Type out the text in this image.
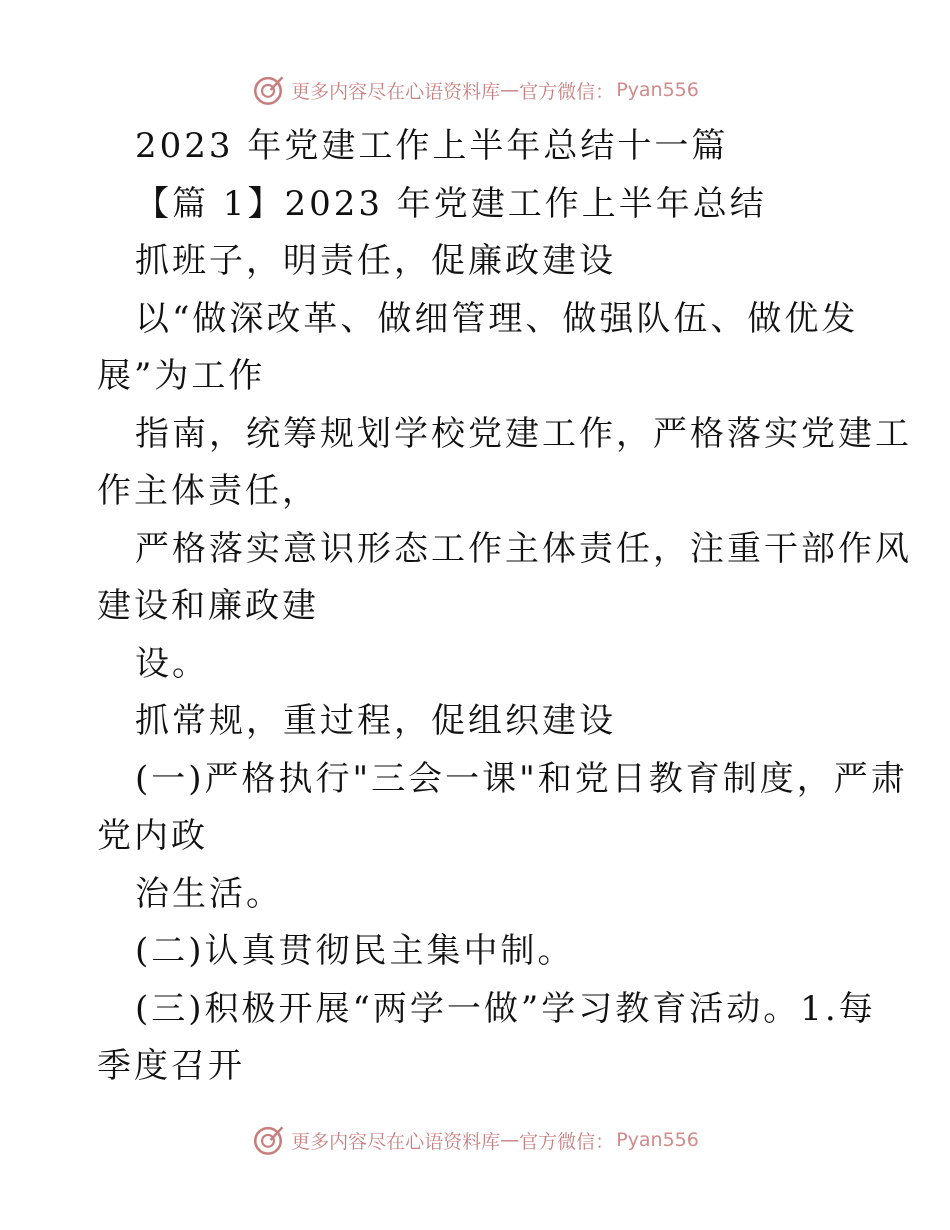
更多内容尽在心语资料库 — 官方微信： Pyan556
2023 年党建工作上半年总结十一篇
【篇 1】2023 年党建工作上半年总结
抓班子，明责任，促廉政建设
以“做深改革、做细管理、做强队伍、做优发
展”为工作
指南，统筹规划学校党建工作，严格落实党建工
作主体责任，
严格落实意识形态工作主体责任，注重干部作风
建设和廉政建
设。
抓常规，重过程，促组织建设
(一)严格执行"三会一课"和党日教育制度，严肃
党内政
治生活。
(二)认真贯彻民主集中制。
(三)积极开展“两学一做”学习教育活动。1.每
季度召开
更多内容尽在心语资料库 — 官方微信： Pyan556
